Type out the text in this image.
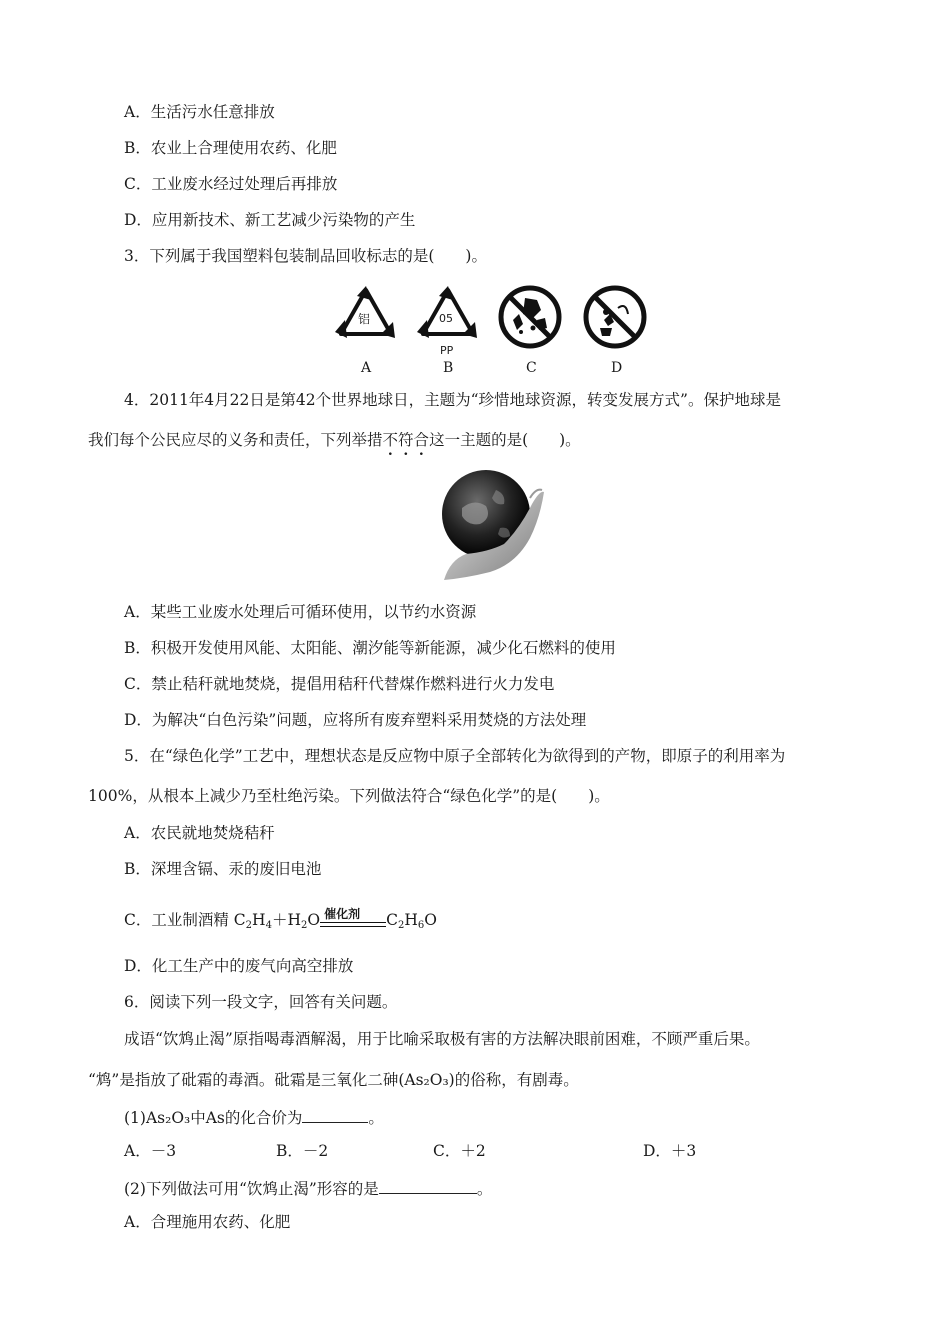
A．生活污水任意排放
B．农业上合理使用农药、化肥
C．工业废水经过处理后再排放
D．应用新技术、新工艺减少污染物的产生
3．下列属于我国塑料包装制品回收标志的是(　　)。
铝	05
PP
A	B	C	D
4．2011年4月22日是第42个世界地球日，主题为“珍惜地球资源，转变发展方式”。保护地球是
我们每个公民应尽的义务和责任，下列举措不符合这一主题的是(　　)。
A．某些工业废水处理后可循环使用，以节约水资源
B．积极开发使用风能、太阳能、潮汐能等新能源，减少化石燃料的使用
C．禁止秸秆就地焚烧，提倡用秸秆代替煤作燃料进行火力发电
D．为解决“白色污染”问题，应将所有废弃塑料采用焚烧的方法处理
5．在“绿色化学”工艺中，理想状态是反应物中原子全部转化为欲得到的产物，即原子的利用率为
100%，从根本上减少乃至杜绝污染。下列做法符合“绿色化学”的是(　　)。
A．农民就地焚烧秸秆
B．深埋含镉、汞的废旧电池
C．工业制酒精 $C_2H_4+H_2O$ 催化剂 $C_2H_6O$
D．化工生产中的废气向高空排放
6．阅读下列一段文字，回答有关问题。
成语“饮鸩止渴”原指喝毒酒解渴，用于比喻采取极有害的方法解决眼前困难，不顾严重后果。
“鸩”是指放了砒霜的毒酒。砒霜是三氧化二砷(As₂O₃)的俗称，有剧毒。
(1)As₂O₃中As的化合价为	。
A．－3	B．－2	C．＋2	D．＋3
(2)下列做法可用“饮鸩止渴”形容的是	。
A．合理施用农药、化肥
